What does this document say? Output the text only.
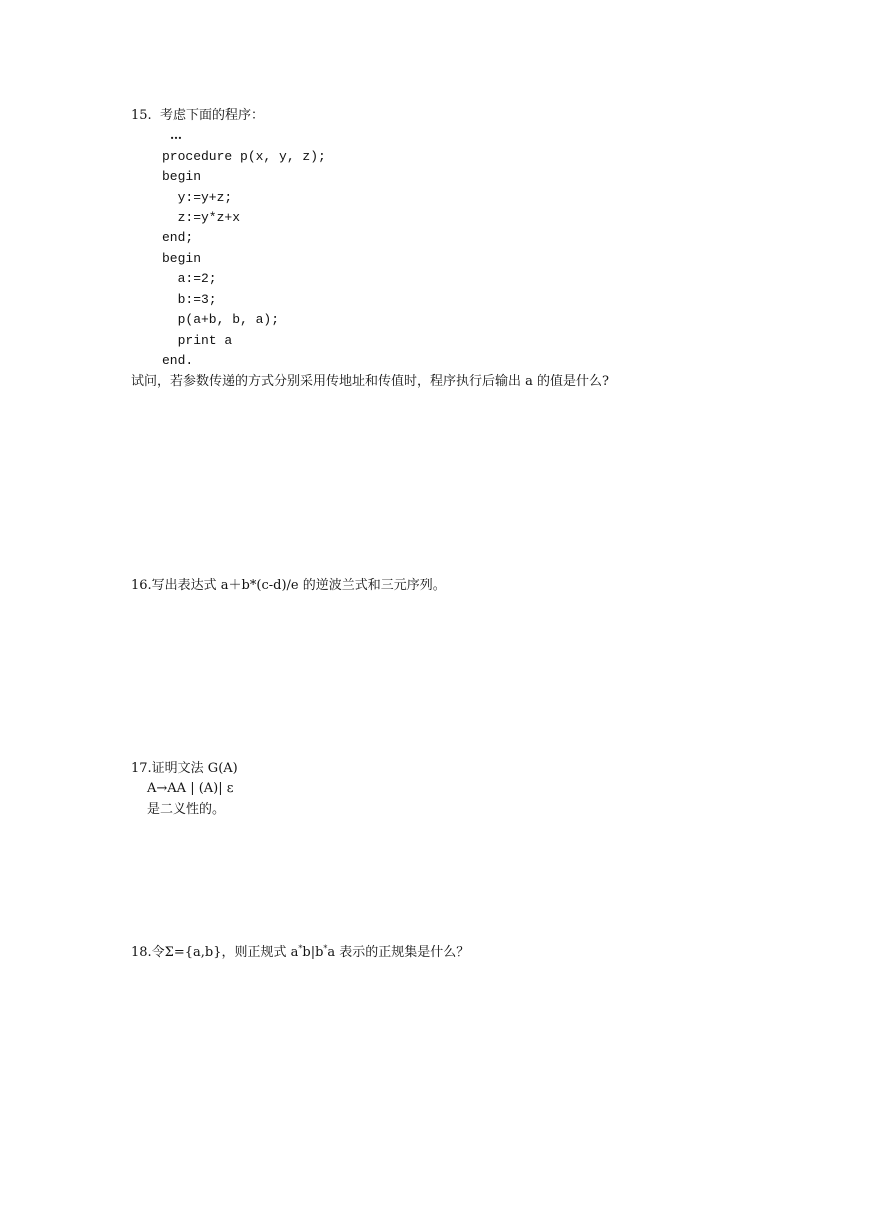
15.  考虑下面的程序：
…
procedure p(x, y, z);
begin
y:=y+z;
z:=y*z+x
end;
begin
a:=2;
b:=3;
p(a+b, b, a);
print a
end.
试问，若参数传递的方式分别采用传地址和传值时，程序执行后输出 a 的值是什么?
16.写出表达式 a＋b*(c-d)/e 的逆波兰式和三元序列。
17.证明文法 G(A)
A→AA | (A)| ε
是二义性的。
18.令Σ={a,b}，则正规式 a*b|b*a 表示的正规集是什么？
